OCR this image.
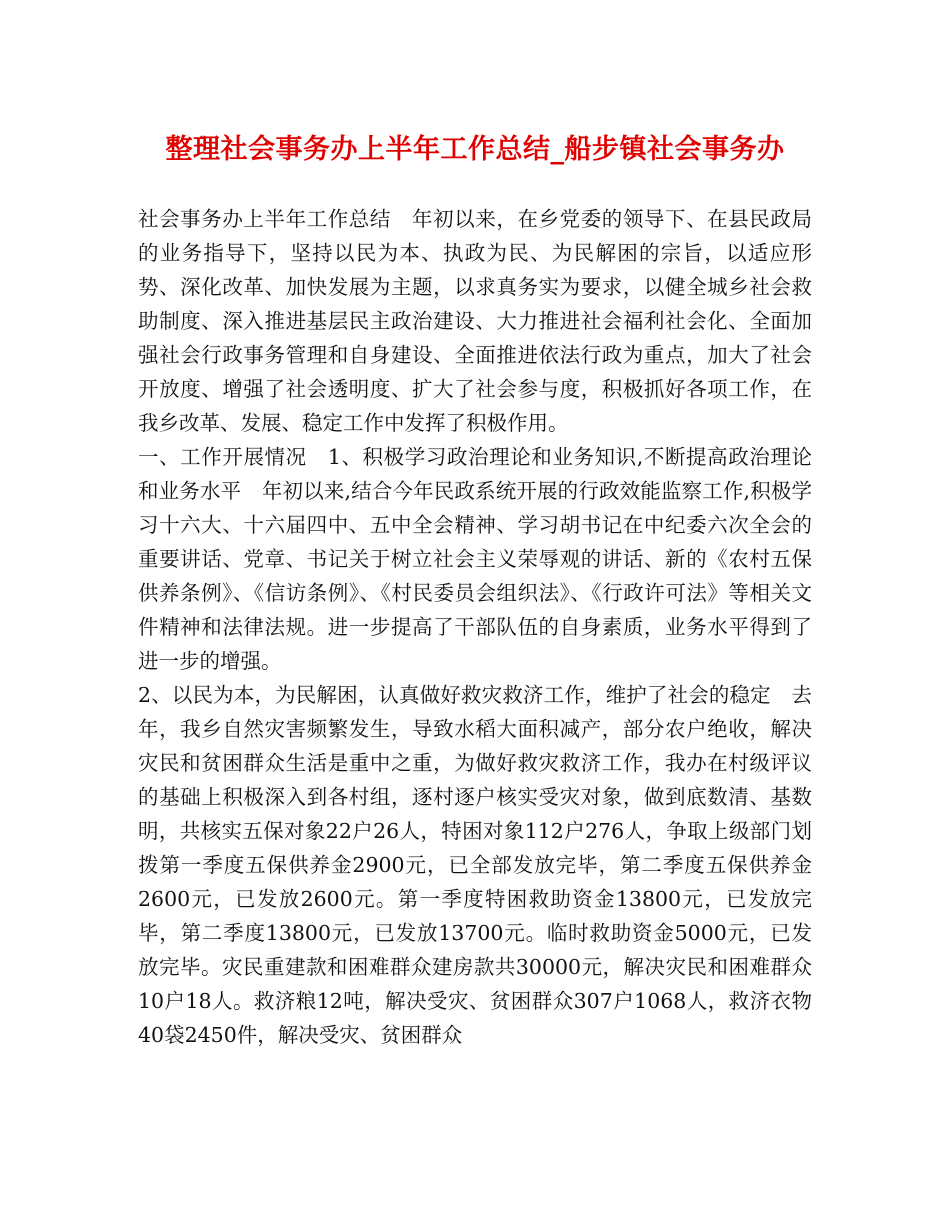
整理社会事务办上半年工作总结_船步镇社会事务办

社会事务办上半年工作总结　年初以来，在乡党委的领导下、在县民政局的业务指导下，坚持以民为本、执政为民、为民解困的宗旨，以适应形势、深化改革、加快发展为主题，以求真务实为要求，以健全城乡社会救助制度、深入推进基层民主政治建设、大力推进社会福利社会化、全面加强社会行政事务管理和自身建设、全面推进依法行政为重点，加大了社会开放度、增强了社会透明度、扩大了社会参与度，积极抓好各项工作，在我乡改革、发展、稳定工作中发挥了积极作用。

一、工作开展情况　1、积极学习政治理论和业务知识,不断提高政治理论和业务水平　年初以来,结合今年民政系统开展的行政效能监察工作,积极学习十六大、十六届四中、五中全会精神、学习胡书记在中纪委六次全会的重要讲话、党章、书记关于树立社会主义荣辱观的讲话、新的《农村五保供养条例》、《信访条例》、《村民委员会组织法》、《行政许可法》等相关文件精神和法律法规。进一步提高了干部队伍的自身素质，业务水平得到了进一步的增强。

2、以民为本，为民解困，认真做好救灾救济工作，维护了社会的稳定　去年，我乡自然灾害频繁发生，导致水稻大面积减产，部分农户绝收，解决灾民和贫困群众生活是重中之重，为做好救灾救济工作，我办在村级评议的基础上积极深入到各村组，逐村逐户核实受灾对象，做到底数清、基数明，共核实五保对象22户26人，特困对象112户276人，争取上级部门划拨第一季度五保供养金2900元，已全部发放完毕，第二季度五保供养金2600元，已发放2600元。第一季度特困救助资金13800元，已发放完毕，第二季度13800元，已发放13700元。临时救助资金5000元，已发放完毕。灾民重建款和困难群众建房款共30000元，解决灾民和困难群众10户18人。救济粮12吨，解决受灾、贫困群众307户1068人，救济衣物40袋2450件，解决受灾、贫困群众
